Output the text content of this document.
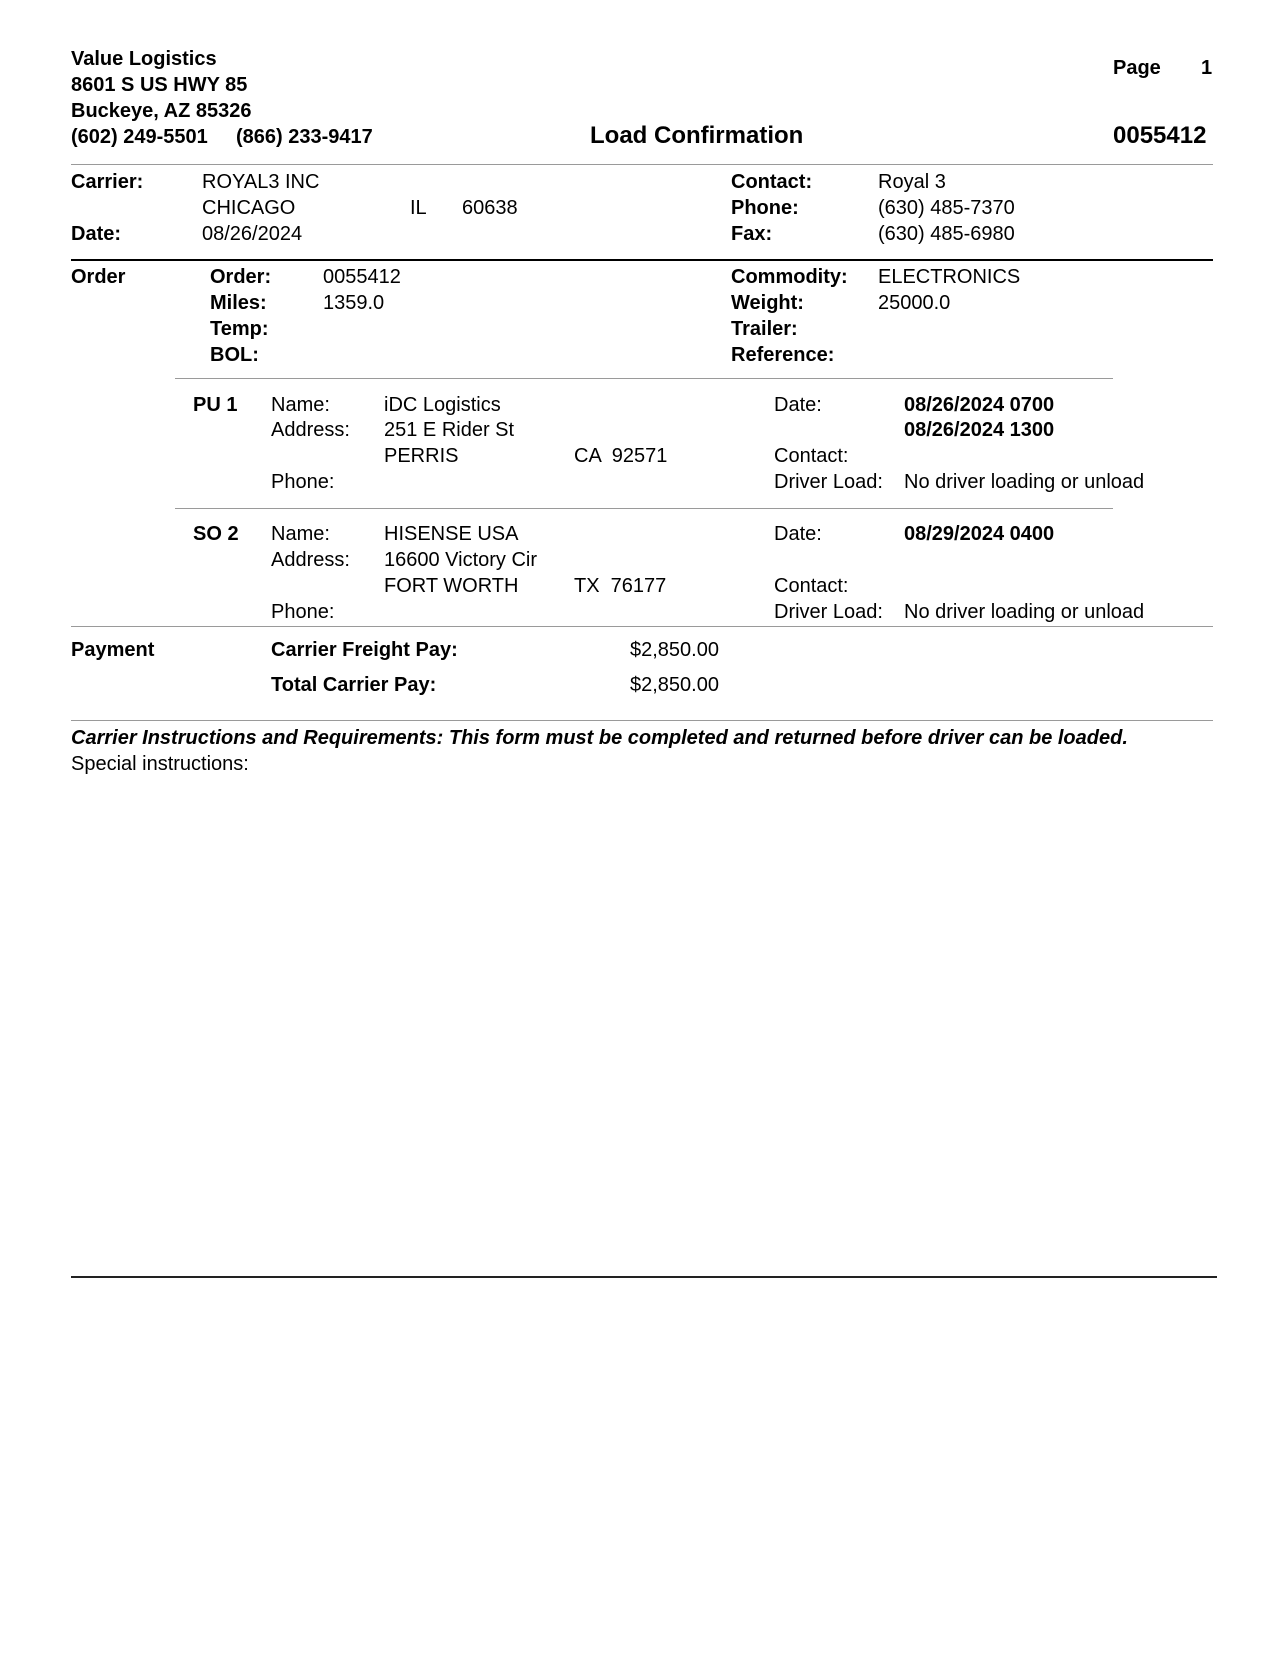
Value Logistics
8601 S US HWY 85
Buckeye, AZ 85326
(602) 249-5501 (866) 233-9417
Page 1
Load Confirmation	0055412
Carrier:	ROYAL3 INC
CHICAGO	IL 60638
Date:	08/26/2024
Contact:	Royal 3
Phone:	(630) 485-7370
Fax:	(630) 485-6980
Order	Order:	0055412
Miles:	1359.0
Temp:
BOL:
Commodity: ELECTRONICS
Weight:	25000.0
Trailer:
Reference:
PU 1 Name:	iDC Logistics
Address: 251 E Rider St
PERRIS	CA  92571
Phone:
Date:	08/26/2024 0700
08/26/2024 1300
Contact:
Driver Load: No driver loading or unload
SO 2 Name:	HISENSE USA
Address: 16600 Victory Cir
FORT WORTH	TX  76177
Phone:
Date:	08/29/2024 0400
Contact:
Driver Load: No driver loading or unload
Payment	Carrier Freight Pay:	$2,850.00
Total Carrier Pay:	$2,850.00
Carrier Instructions and Requirements: This form must be completed and returned before driver can be loaded.
Special instructions:
